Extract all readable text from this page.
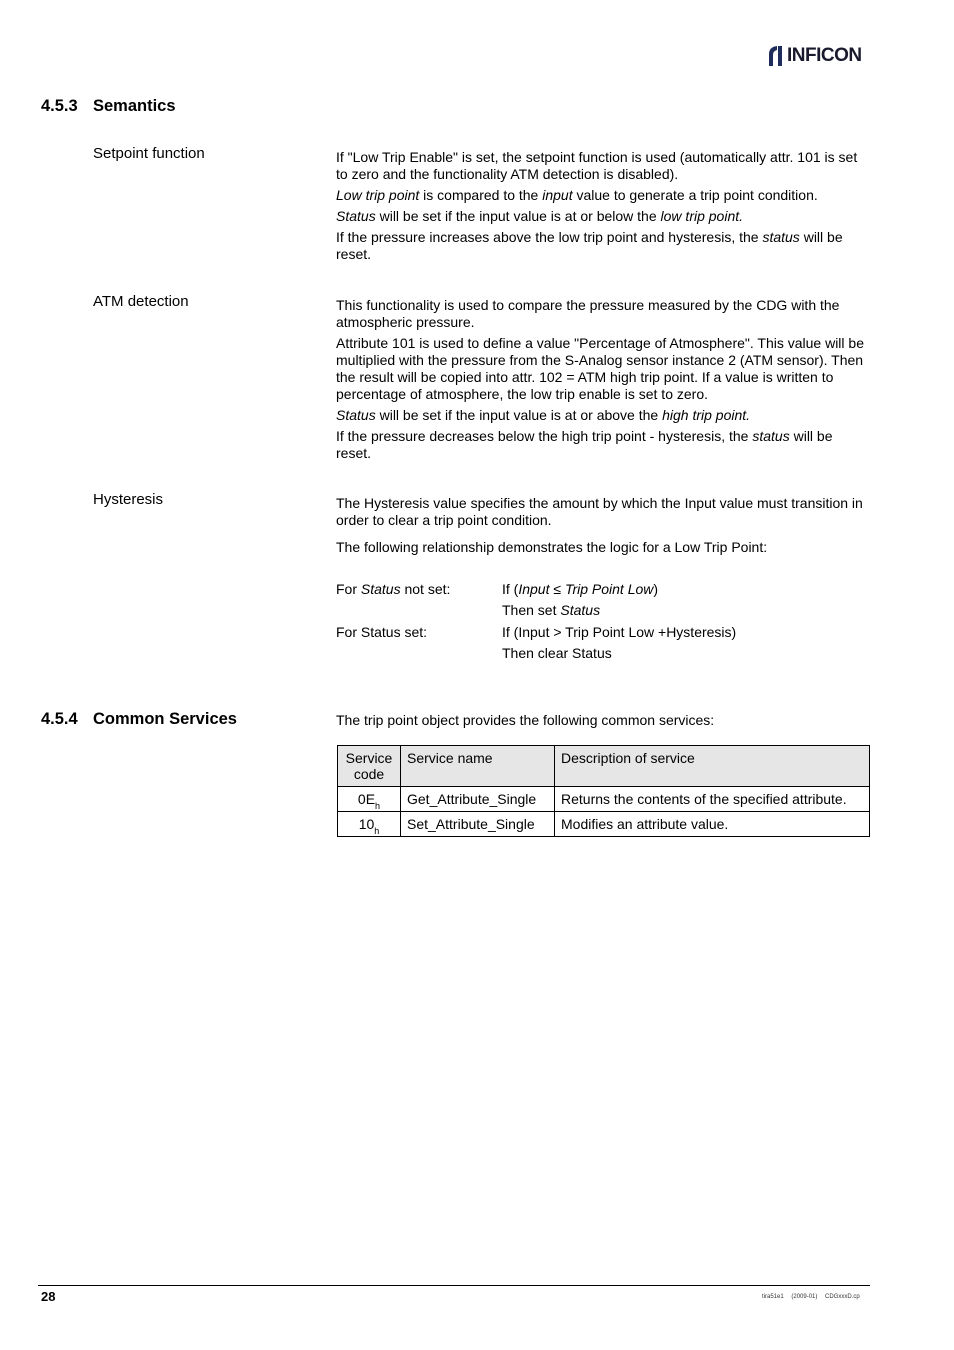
INFICON
4.5.3 Semantics
Setpoint function	If "Low Trip Enable" is set, the setpoint function is used (automatically attr. 101 is set to zero and the functionality ATM detection is disabled).

Low trip point is compared to the input value to generate a trip point condition.

Status will be set if the input value is at or below the low trip point.

If the pressure increases above the low trip point and hysteresis, the status will be reset.

ATM detection	This functionality is used to compare the pressure measured by the CDG with the atmospheric pressure.

Attribute 101 is used to define a value "Percentage of Atmosphere". This value will be multiplied with the pressure from the S-Analog sensor instance 2 (ATM sensor). Then the result will be copied into attr. 102 = ATM high trip point. If a value is written to percentage of atmosphere, the low trip enable is set to zero.

Status will be set if the input value is at or above the high trip point.

If the pressure decreases below the high trip point - hysteresis, the status will be reset.

Hysteresis	The Hysteresis value specifies the amount by which the Input value must transition in order to clear a trip point condition.

The following relationship demonstrates the logic for a Low Trip Point:

For Status not set:	If (Input ≤ Trip Point Low)
Then set Status
For Status set:	If (Input > Trip Point Low +Hysteresis)
Then clear Status
4.5.4 Common Services	The trip point object provides the following common services:
Service code	Service name	Description of service
$0E_h$	Get_Attribute_Single	Returns the contents of the specified attribute.
$10_h$	Set_Attribute_Single	Modifies an attribute value.
28	tira51e1 (2009-01) CDGxxxD.cp
